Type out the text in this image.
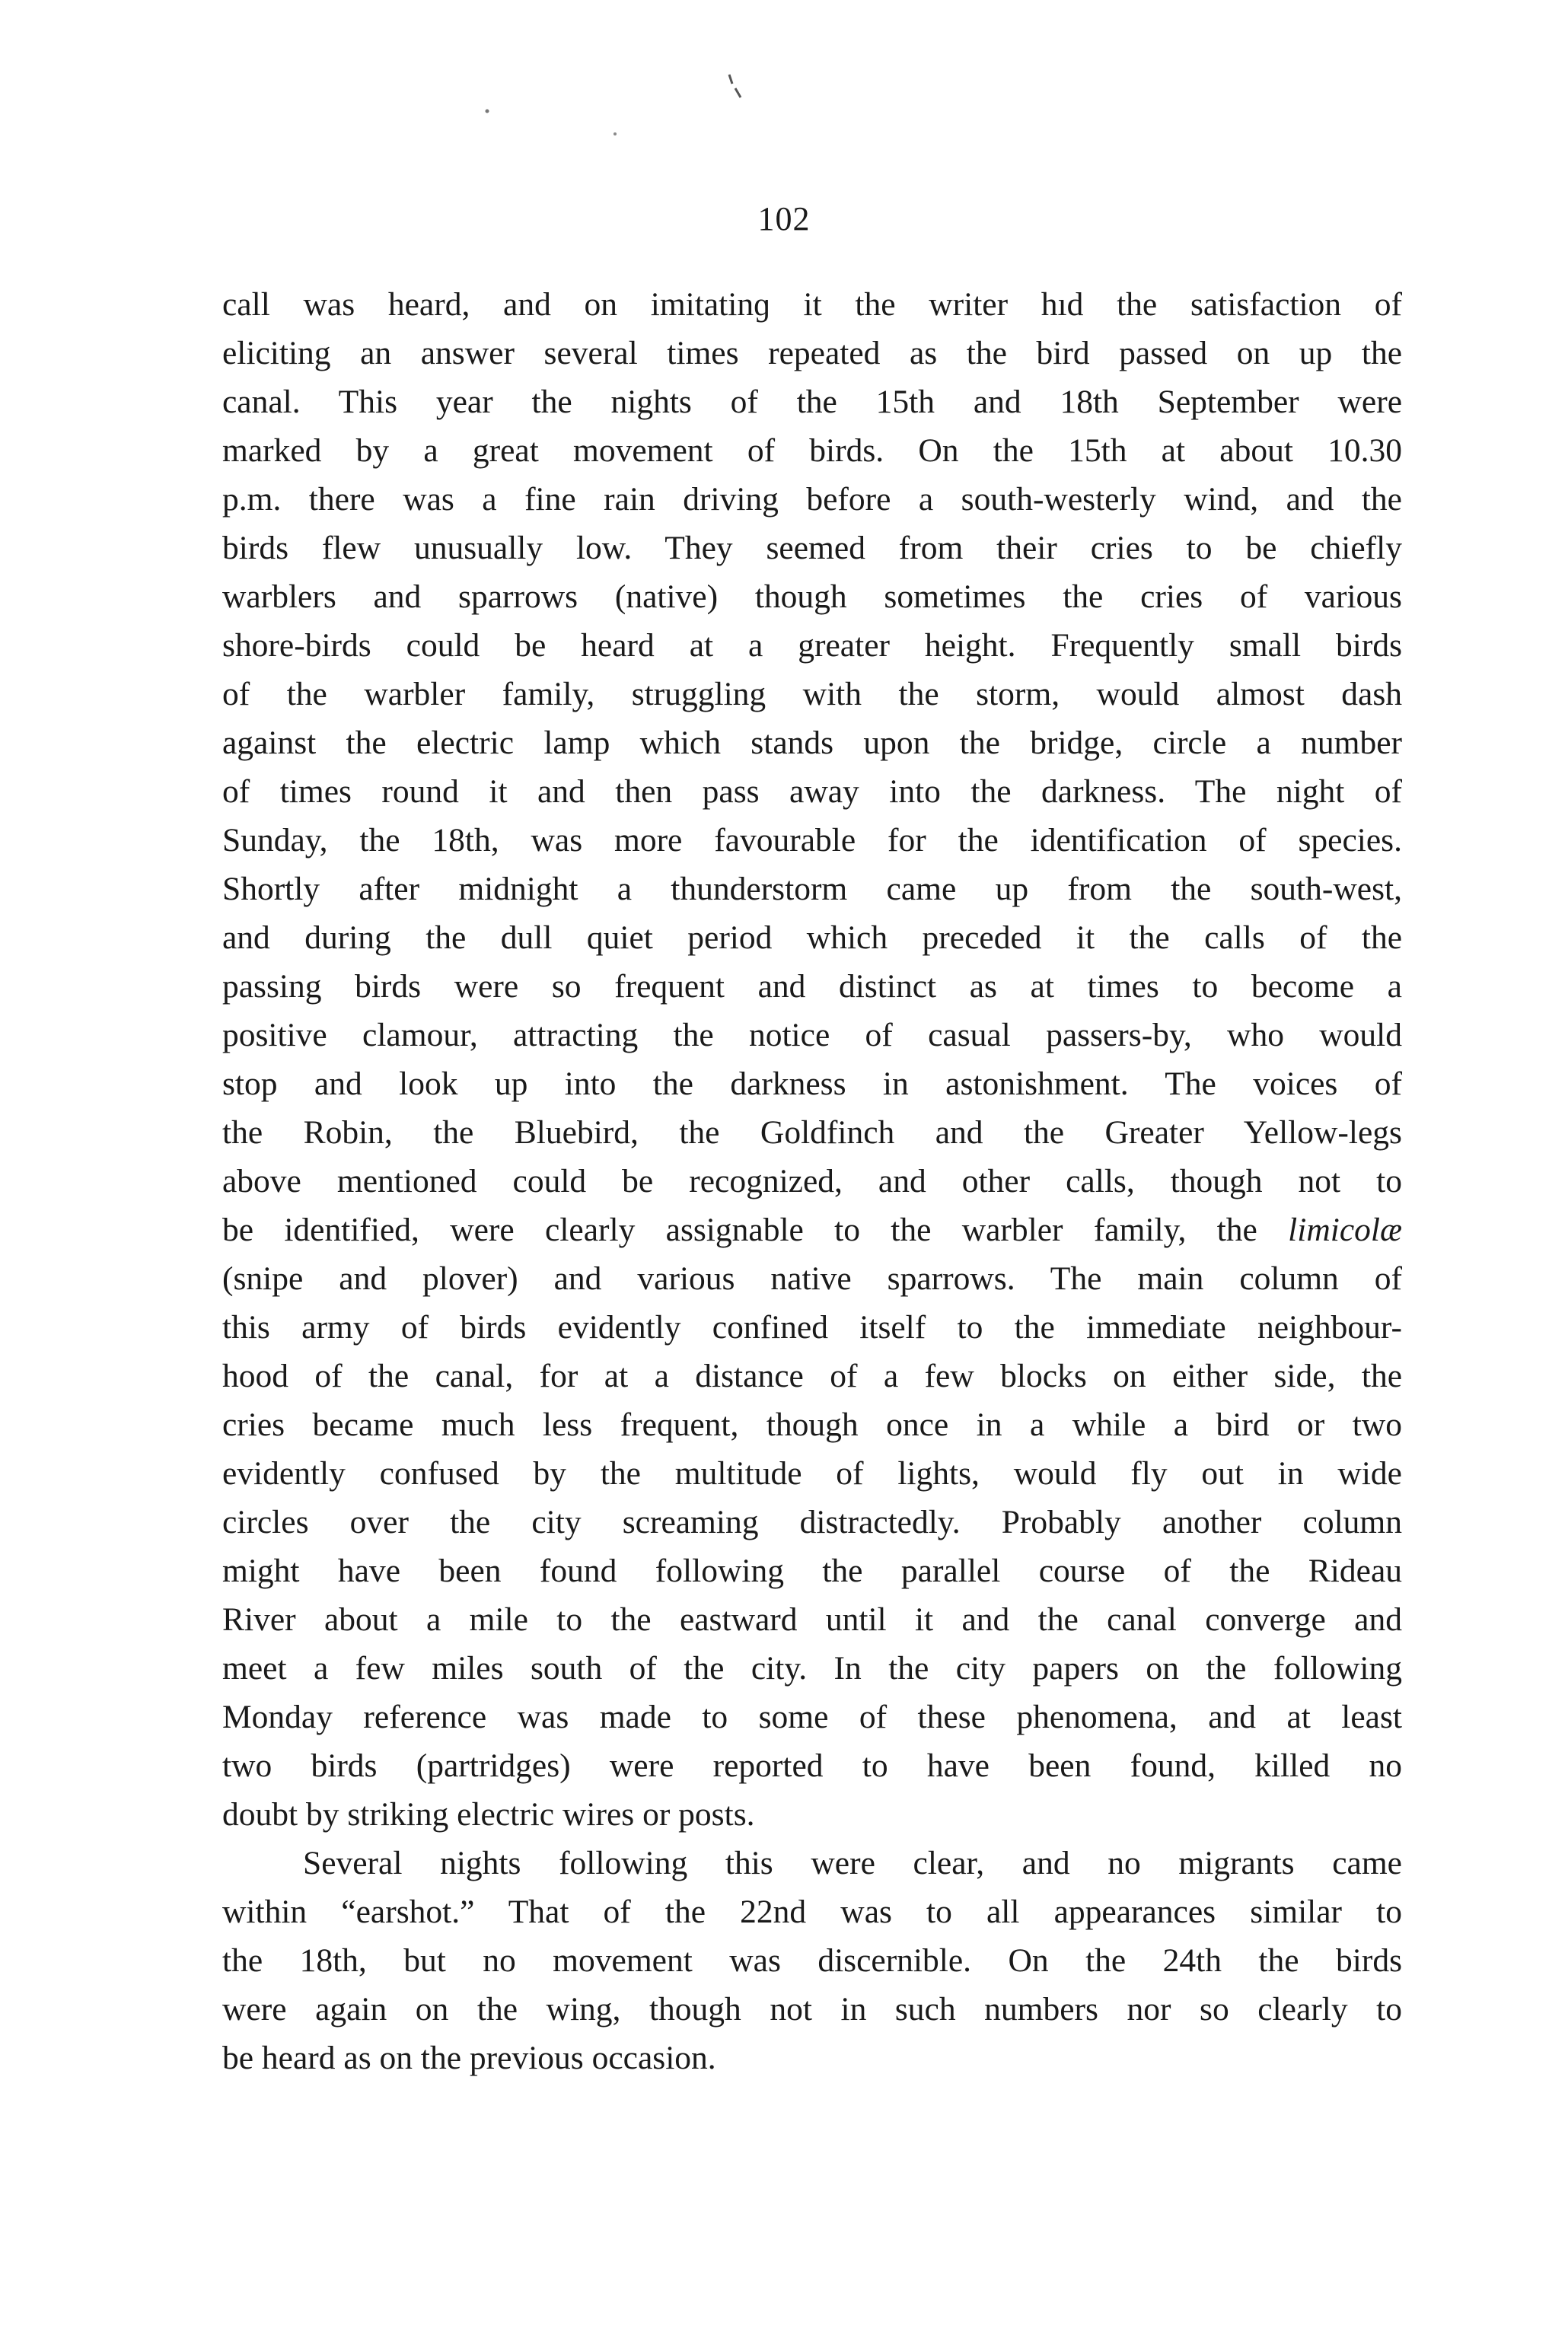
102
call was heard, and on imitatinɡ it the writer hıd the satisfaction of
eliciting an answer several times repeated as the bird passed on up the
canal. This year the nights of the 15th and 18th September were
marked by a great movement of birds. On the 15th at about 10.30
p.m. there was a fine rain driving before a south-westerly wind, and the
birds flew unusually low. They seemed from their cries to be chiefly
warblers and sparrows (native) though sometimes the cries of various
shore-birds could be heard at a greater height. Frequently small birds
of the warbler family, struggling with the storm, would almost dash
against the electric lamp which stands upon the bridge, circle a number
of times round it and then pass away into the darkness. The night of
Sunday, the 18th, was more favourable for the identification of species.
Shortly after midnight a thunderstorm came up from the south-west,
and during the dull quiet period which preceded it the calls of the
passing birds were so frequent and distinct as at times to become a
positive clamour, attracting the notice of casual passers-by, who would
stop and look up into the darkness in astonishment. The voices of
the Robin, the Bluebird, the Goldfinch and the Greater Yellow-legs
above mentioned could be recognized, and other calls, though not to
be identified, were clearly assignable to the warbler family, the limicolæ
(snipe and plover) and various native sparrows. The main column of
this army of birds evidently confined itself to the immediate neighbour-
hood of the canal, for at a distance of a few blocks on either side, the
cries became much less frequent, though once in a while a bird or two
evidently confused by the multitude of lights, would fly out in wide
circles over the city screaming distractedly. Probably another column
might have been found following the parallel course of the Rideau
River about a mile to the eastward until it and the canal converge and
meet a few miles south of the city. In the city papers on the following
Monday reference was made to some of these phenomena, and at least
two birds (partridges) were reported to have been found, killed no
doubt by striking electric wires or posts.
Several nights following this were clear, and no migrants came
within “earshot.” That of the 22nd was to all appearances similar to
the 18th, but no movement was discernible. On the 24th the birds
were again on the wing, though not in such numbers nor so clearly to
be heard as on the previous occasion.
